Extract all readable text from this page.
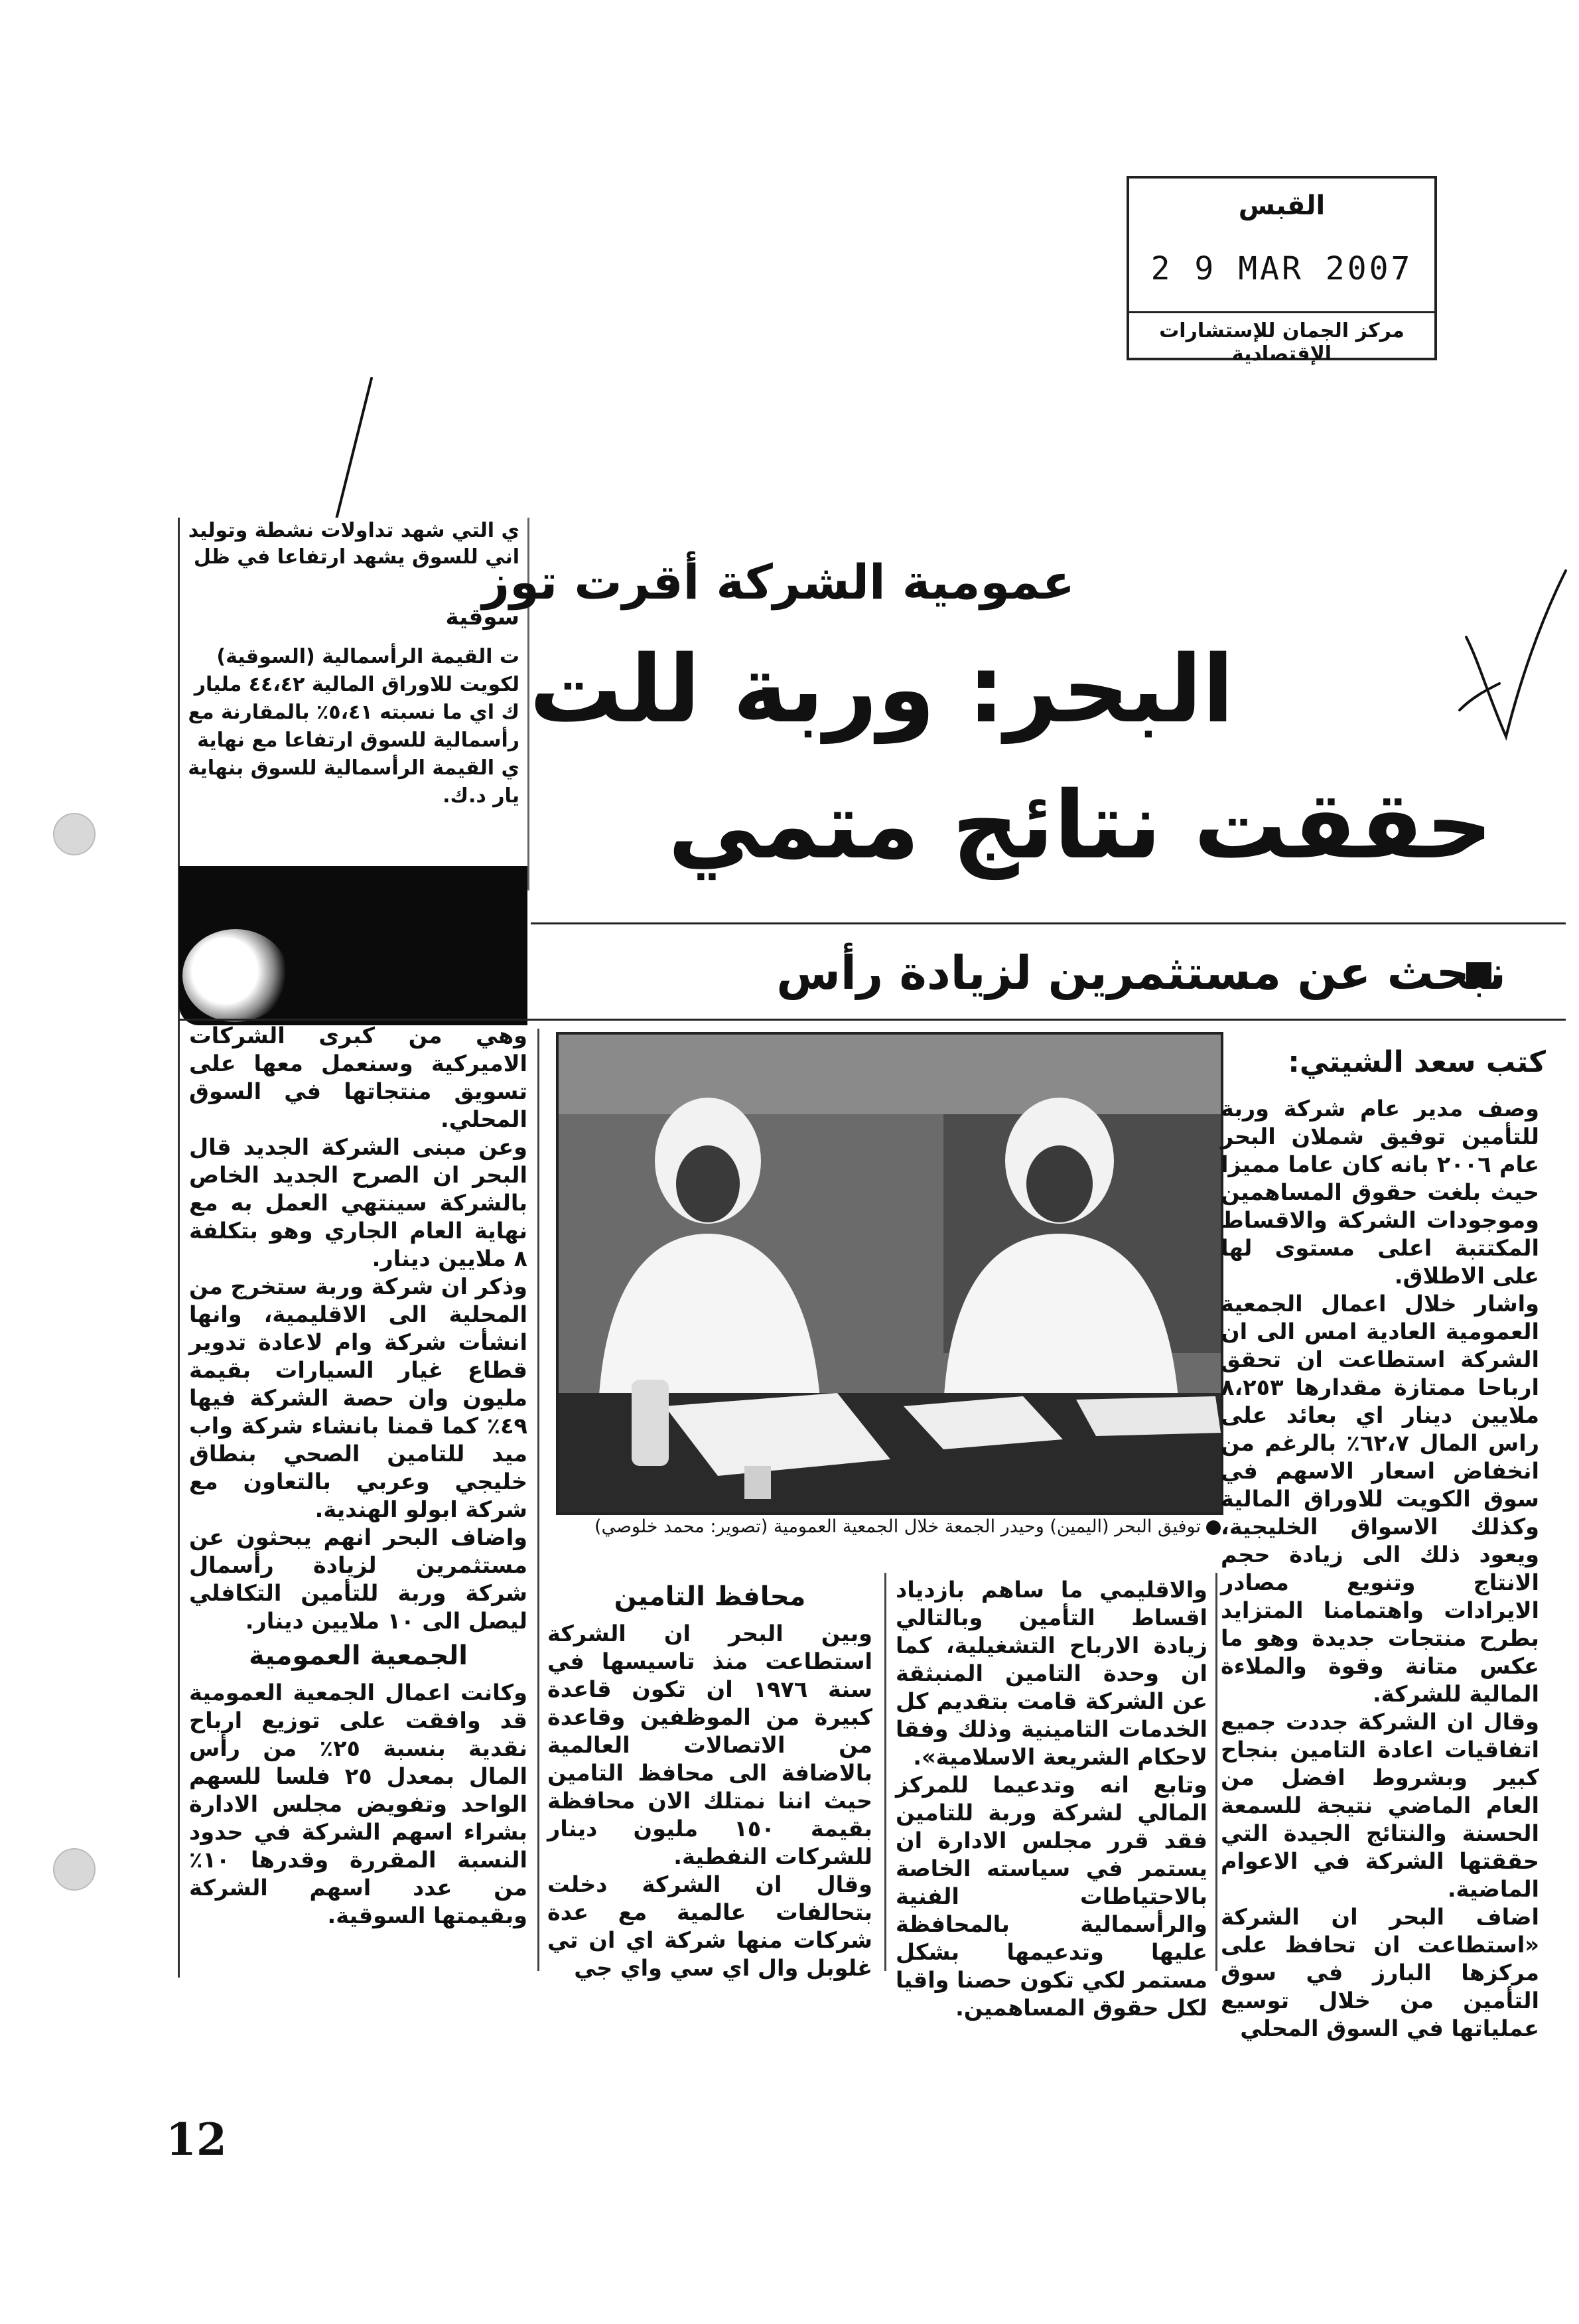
القبس
2 9 MAR 2007
مركز الجمان للإستشارات الإقتصادية
ي التي شهد تداولات نشطة وتوليد
اني للسوق يشهد ارتفاعا في ظل
سوقية
ت القيمة الرأسمالية (السوقية)
لكويت للاوراق المالية ٤٤،٤٢ مليار
ك اي ما نسبته ٥،٤١٪ بالمقارنة مع
رأسمالية للسوق ارتفاعا مع نهاية
ي القيمة الرأسمالية للسوق بنهاية
يار د.ك.
عمومية الشركة أقرت توز
البحر: وربة للت
حققت نتائج متمي
نبحث عن مستثمرين لزيادة رأس
كتب سعد الشيتي:
توفيق البحر (اليمين) وحيدر الجمعة خلال الجمعية العمومية (تصوير: محمد خلوصي)

وصف مدير عام شركة وربة للتأمين توفيق شملان البحر عام ٢٠٠٦ بانه كان عاما مميزا حيث بلغت حقوق المساهمين وموجودات الشركة والاقساط المكتتبة اعلى مستوى لها على الاطلاق.

واشار خلال اعمال الجمعية العمومية العادية امس الى ان الشركة استطاعت ان تحقق ارباحا ممتازة مقدارها ٨،٢٥٣ ملايين دينار اي بعائد على راس المال ٦٢،٧٪ بالرغم من انخفاض اسعار الاسهم في سوق الكويت للاوراق المالية وكذلك الاسواق الخليجية، ويعود ذلك الى زيادة حجم الانتاج وتنويع مصادر الايرادات واهتمامنا المتزايد بطرح منتجات جديدة وهو ما عكس متانة وقوة والملاءة المالية للشركة.

وقال ان الشركة جددت جميع اتفاقيات اعادة التامين بنجاح كبير وبشروط افضل من العام الماضي نتيجة للسمعة الحسنة والنتائج الجيدة التي حققتها الشركة في الاعوام الماضية.

اضاف البحر ان الشركة «استطاعت ان تحافظ على مركزها البارز في سوق التأمين من خلال توسيع عملياتها في السوق المحلي

والاقليمي ما ساهم بازدياد اقساط التأمين وبالتالي زيادة الارباح التشغيلية، كما ان وحدة التامين المنبثقة عن الشركة قامت بتقديم كل الخدمات التامينية وذلك وفقا لاحكام الشريعة الاسلامية».

وتابع انه وتدعيما للمركز المالي لشركة وربة للتامين فقد قرر مجلس الادارة ان يستمر في سياسته الخاصة بالاحتياطات الفنية والرأسمالية بالمحافظة عليها وتدعيمها بشكل مستمر لكي تكون حصنا واقيا لكل حقوق المساهمين.

محافظ التامين

وبين البحر ان الشركة استطاعت منذ تاسيسها في سنة ١٩٧٦ ان تكون قاعدة كبيرة من الموظفين وقاعدة من الاتصالات العالمية بالاضافة الى محافظ التامين حيث اننا نمتلك الان محافظة بقيمة ١٥٠ مليون دينار للشركات النفطية.

وقال ان الشركة دخلت بتحالفات عالمية مع عدة شركات منها شركة اي ان تي غلوبل وال اي سي واي جي

وهي من كبرى الشركات الاميركية وسنعمل معها على تسويق منتجاتها في السوق المحلي.

وعن مبنى الشركة الجديد قال البحر ان الصرح الجديد الخاص بالشركة سينتهي العمل به مع نهاية العام الجاري وهو بتكلفة ٨ ملايين دينار.

وذكر ان شركة وربة ستخرج من المحلية الى الاقليمية، وانها انشأت شركة وام لاعادة تدوير قطاع غيار السيارات بقيمة مليون وان حصة الشركة فيها ٤٩٪ كما قمنا بانشاء شركة واب ميد للتامين الصحي بنطاق خليجي وعربي بالتعاون مع شركة ابولو الهندية.

واضاف البحر انهم يبحثون عن مستثمرين لزيادة رأسمال شركة وربة للتأمين التكافلي ليصل الى ١٠ ملايين دينار.

الجمعية العمومية

وكانت اعمال الجمعية العمومية قد وافقت على توزيع ارباح نقدية بنسبة ٢٥٪ من رأس المال بمعدل ٢٥ فلسا للسهم الواحد وتفويض مجلس الادارة بشراء اسهم الشركة في حدود النسبة المقررة وقدرها ١٠٪ من عدد اسهم الشركة وبقيمتها السوقية.

12
